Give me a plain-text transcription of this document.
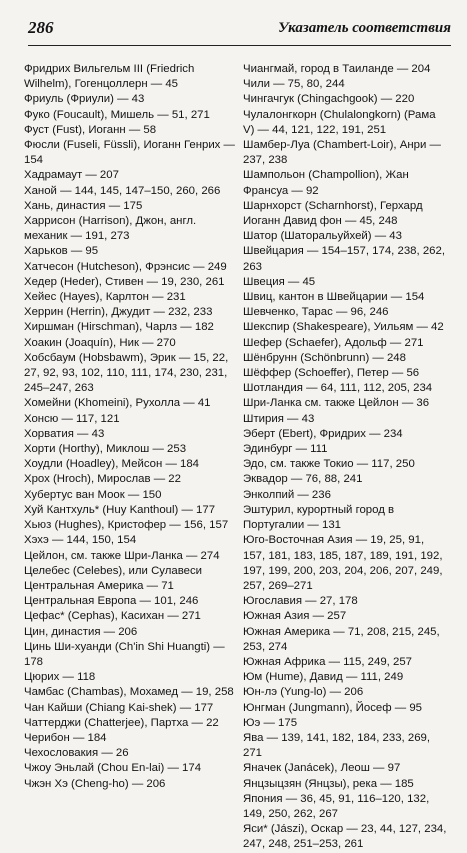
286	Указатель соответствия
Фридрих Вильгельм III (Friedrich Wilhelm), Гогенцоллерн — 45
Фриуль (Фриули) — 43
Фуко (Foucault), Мишель — 51, 271
Фуст (Fust), Иоганн — 58
Фюсли (Fuseli, Füssli), Иоганн Генрих — 154
Хадрамаут — 207
Ханой — 144, 145, 147–150, 260, 266
Хань, династия — 175
Харрисон (Harrison), Джон, англ. механик — 191, 273
Харьков — 95
Хатчесон (Hutcheson), Фрэнсис — 249
Хедер (Heder), Стивен — 19, 230, 261
Хейес (Hayes), Карлтон — 231
Херрин (Herrin), Джудит — 232, 233
Хиршман (Hirschman), Чарлз — 182
Хоакин (Joaquín), Ник — 270
Хобсбаум (Hobsbawm), Эрик — 15, 22, 27, 92, 93, 102, 110, 111, 174, 230, 231, 245–247, 263
Хомейни (Khomeini), Рухолла — 41
Хонсю — 117, 121
Хорватия — 43
Хорти (Horthy), Миклош — 253
Хоудли (Hoadley), Мейсон — 184
Хрох (Hroch), Мирослав — 22
Хубертус ван Моок — 150
Хуй Кантхуль* (Huy Kanthoul) — 177
Хьюз (Hughes), Кристофер — 156, 157
Хэхэ — 144, 150, 154
Цейлон, см. также Шри-Ланка — 274
Целебес (Celebes), или Сулавеси
Центральная Америка — 71
Центральная Европа — 101, 246
Цефас* (Cephas), Касихан — 271
Цин, династия — 206
Цинь Ши-хуанди (Ch'in Shi Huangti) — 178
Цюрих — 118
Чамбас (Chambas), Мохамед — 19, 258
Чан Кайши (Chiang Kai-shek) — 177
Чаттерджи (Chatterjee), Партха — 22
Черибон — 184
Чехословакия — 26
Чжоу Эньлай (Chou En-lai) — 174
Чжэн Хэ (Cheng-ho) — 206
Чиангмай, город в Таиланде — 204
Чили — 75, 80, 244
Чингачгук (Chingachgook) — 220
Чулалонгкорн (Chulalongkorn) (Рама V) — 44, 121, 122, 191, 251
Шамбер-Луа (Chambert-Loir), Анри — 237, 238
Шампольон (Champollion), Жан Франсуа — 92
Шарнхорст (Scharnhorst), Герхард Иоганн Давид фон — 45, 248
Шатор (Шаторальуйхей) — 43
Швейцария — 154–157, 174, 238, 262, 263
Швеция — 45
Швиц, кантон в Швейцарии — 154
Шевченко, Тарас — 96, 246
Шекспир (Shakespeare), Уильям — 42
Шефер (Schaefer), Адольф — 271
Шёнбрунн (Schönbrunn) — 248
Шёффер (Schoeffer), Петер — 56
Шотландия — 64, 111, 112, 205, 234
Шри-Ланка см. также Цейлон — 36
Штирия — 43
Эберт (Ebert), Фридрих — 234
Эдинбург — 111
Эдо, см. также Токио — 117, 250
Эквадор — 76, 88, 241
Энколпий — 236
Эштурил, курортный город в Португалии — 131
Юго-Восточная Азия — 19, 25, 91, 157, 181, 183, 185, 187, 189, 191, 192, 197, 199, 200, 203, 204, 206, 207, 249, 257, 269–271
Югославия — 27, 178
Южная Азия — 257
Южная Америка — 71, 208, 215, 245, 253, 274
Южная Африка — 115, 249, 257
Юм (Hume), Давид — 111, 249
Юн-лэ (Yung-lo) — 206
Юнгман (Jungmann), Йосеф — 95
Юэ — 175
Ява — 139, 141, 182, 184, 233, 269, 271
Янaчек (Janácek), Леош — 97
Янцзыцзян (Янцзы), река — 185
Япония — 36, 45, 91, 116–120, 132, 149, 250, 262, 267
Яси* (Jászi), Оскар — 23, 44, 127, 234, 247, 248, 251–253, 261
